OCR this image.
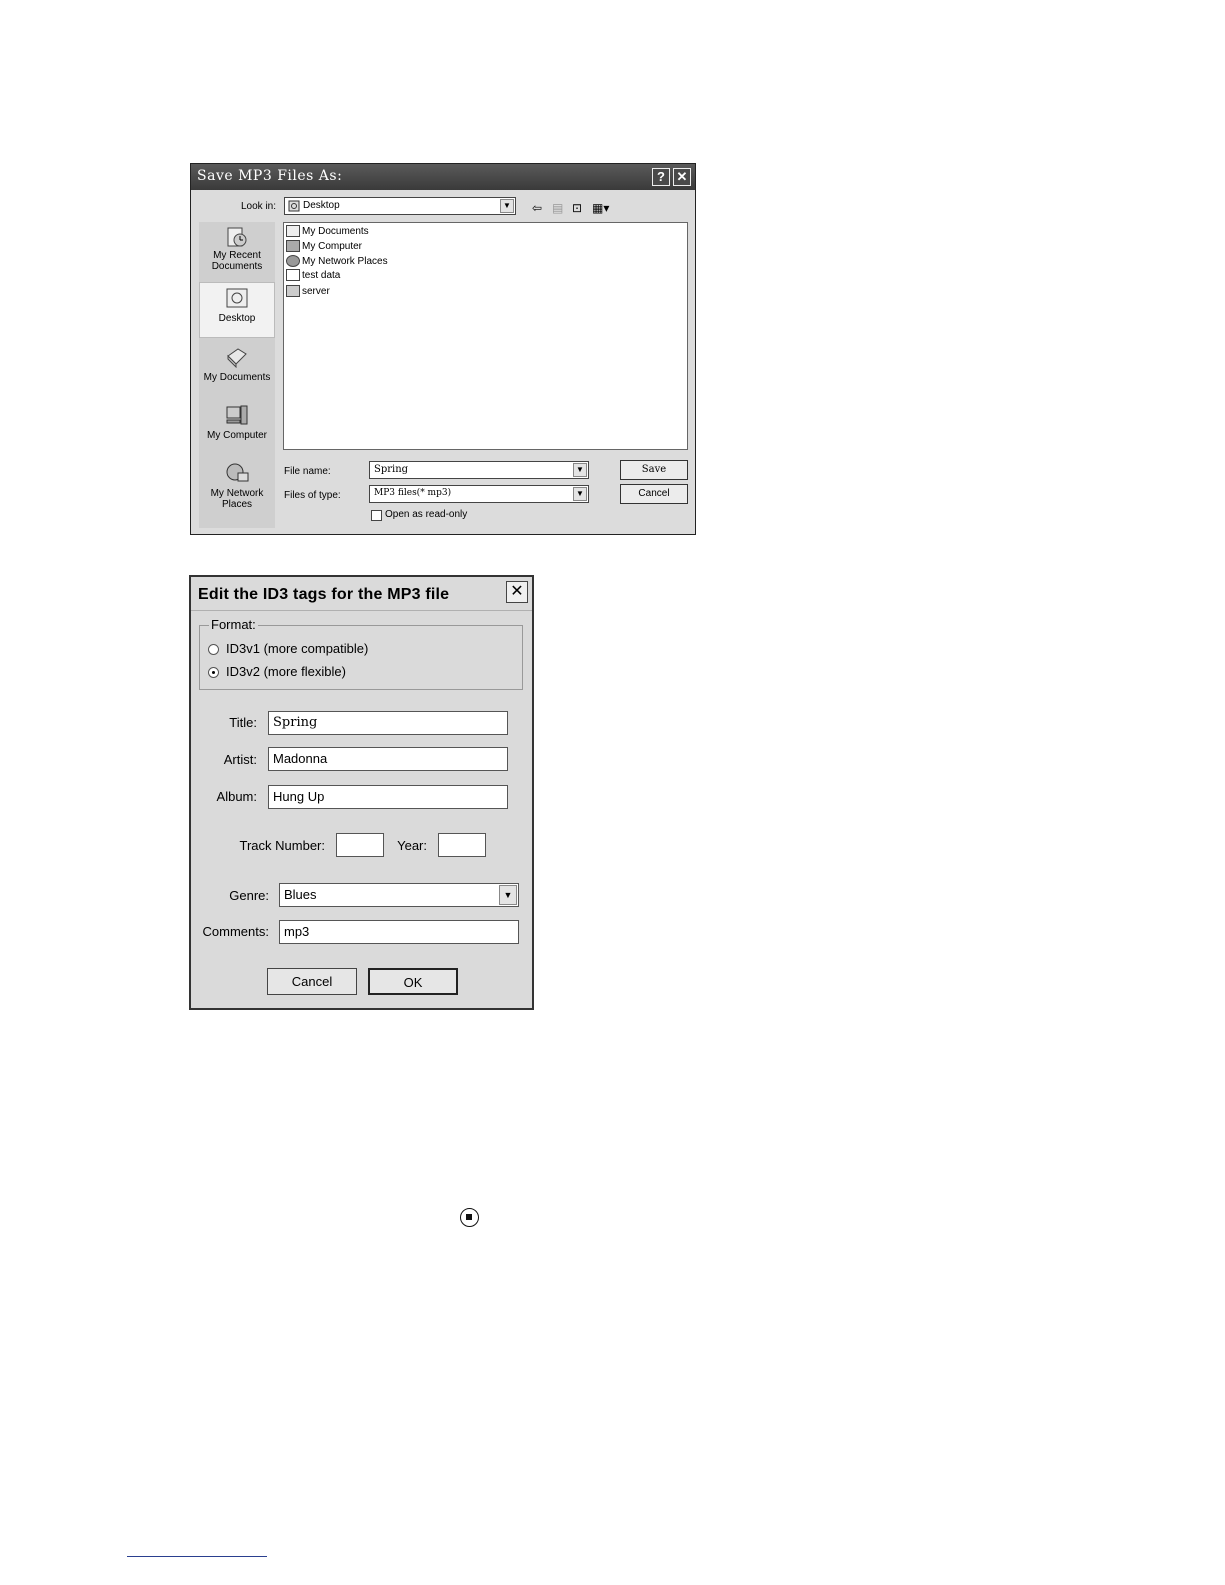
Save MP3 Files As:	? ✕
Look in:	Desktop	▼ ⇦ ▤ ⊡ ▦▾
My Recent Documents
Desktop
My Documents
My Computer
My Network Places
My Documents
My Computer
My Network Places
test data
server
File name:	Spring	▼
Files of type:	MP3 files(* mp3)	▼
Open as read-only
Save
Cancel
Edit the ID3 tags for the MP3 file	✕
Format:
ID3v1 (more compatible)
ID3v2 (more flexible)
Title:	Spring
Artist:	Madonna
Album:	Hung Up
Track Number:	Year:
Genre:	Blues	▼
Comments:	mp3
Cancel	OK
